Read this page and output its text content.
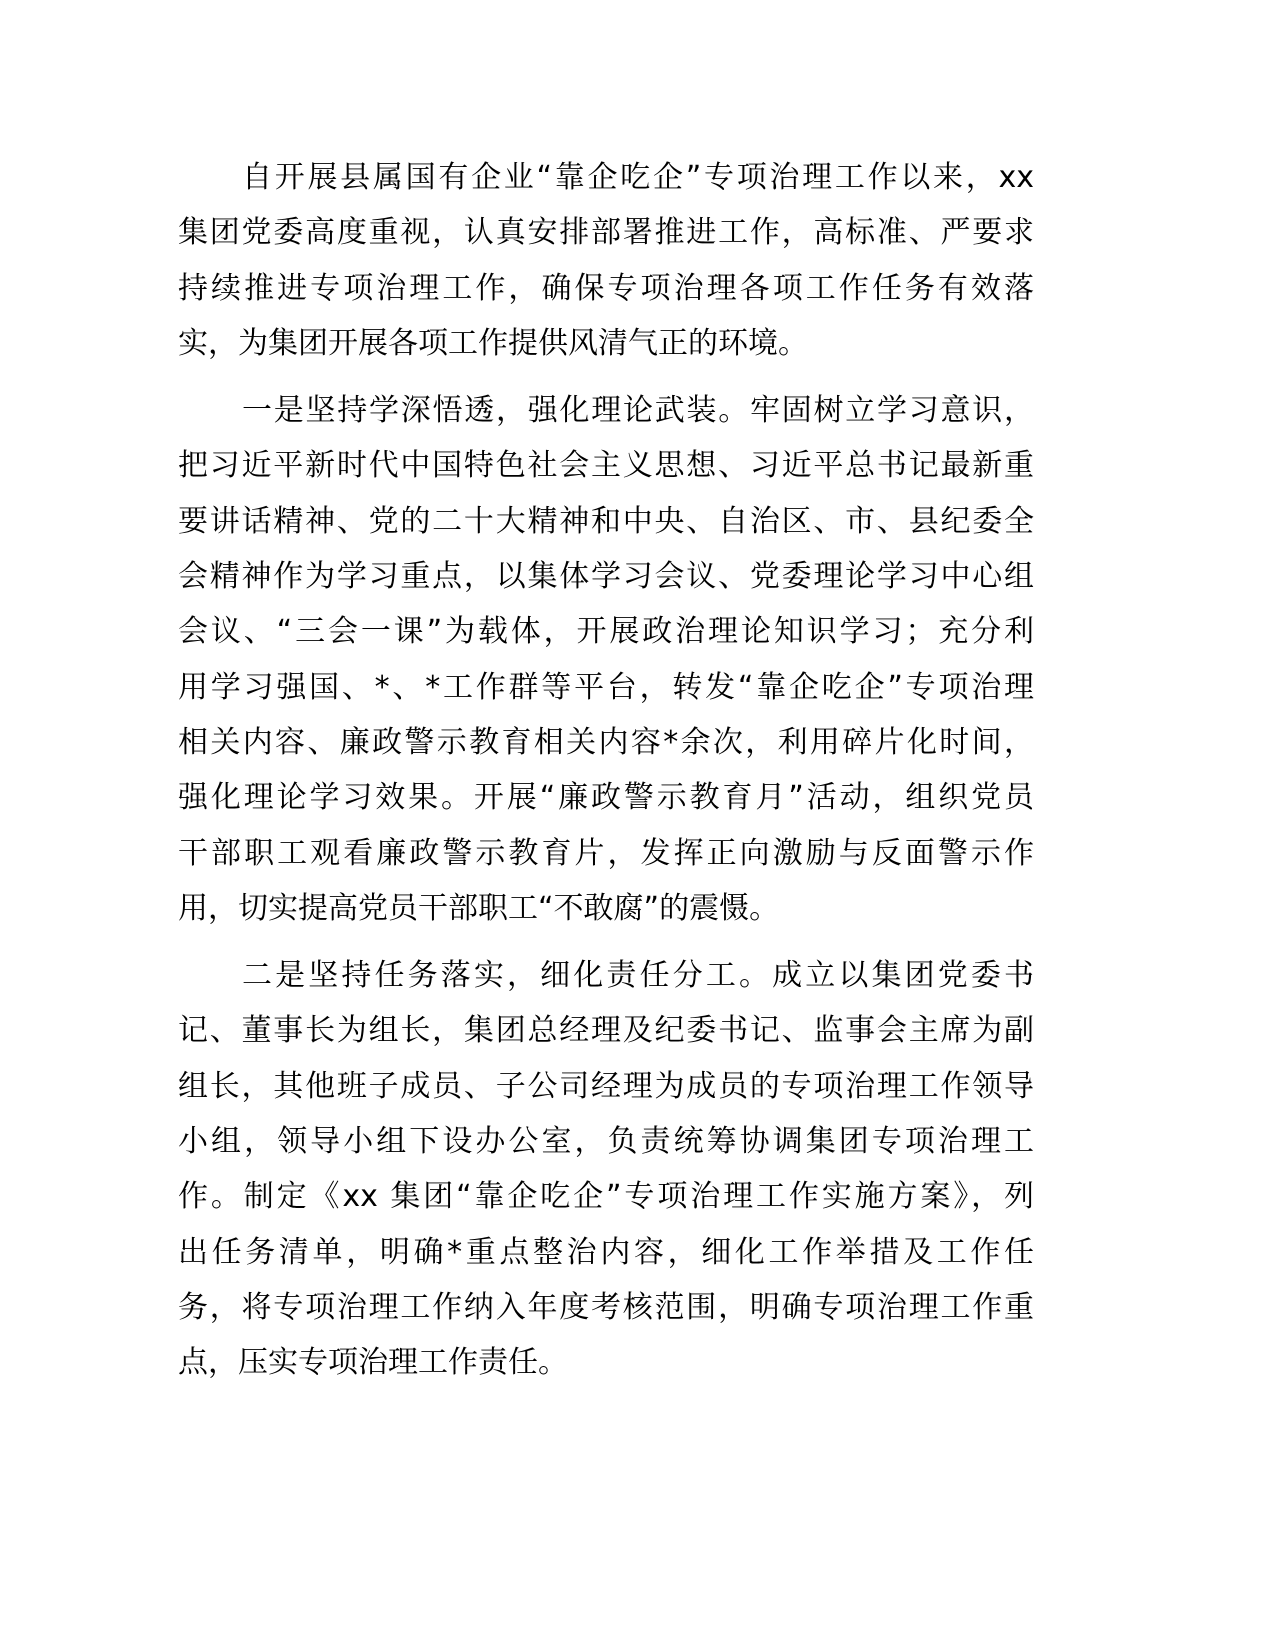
自开展县属国有企业“靠企吃企”专项治理工作以来，xx
集团党委高度重视，认真安排部署推进工作，高标准、严要求
持续推进专项治理工作，确保专项治理各项工作任务有效落
实，为集团开展各项工作提供风清气正的环境。
一是坚持学深悟透，强化理论武装。牢固树立学习意识，
把习近平新时代中国特色社会主义思想、习近平总书记最新重
要讲话精神、党的二十大精神和中央、自治区、市、县纪委全
会精神作为学习重点，以集体学习会议、党委理论学习中心组
会议、“三会一课”为载体，开展政治理论知识学习；充分利
用学习强国、*、*工作群等平台，转发“靠企吃企”专项治理
相关内容、廉政警示教育相关内容*余次，利用碎片化时间，
强化理论学习效果。开展“廉政警示教育月”活动，组织党员
干部职工观看廉政警示教育片，发挥正向激励与反面警示作
用，切实提高党员干部职工“不敢腐”的震慑。
二是坚持任务落实，细化责任分工。成立以集团党委书
记、董事长为组长，集团总经理及纪委书记、监事会主席为副
组长，其他班子成员、子公司经理为成员的专项治理工作领导
小组，领导小组下设办公室，负责统筹协调集团专项治理工
作。制定《xx 集团“靠企吃企”专项治理工作实施方案》，列
出任务清单，明确*重点整治内容，细化工作举措及工作任
务，将专项治理工作纳入年度考核范围，明确专项治理工作重
点，压实专项治理工作责任。
